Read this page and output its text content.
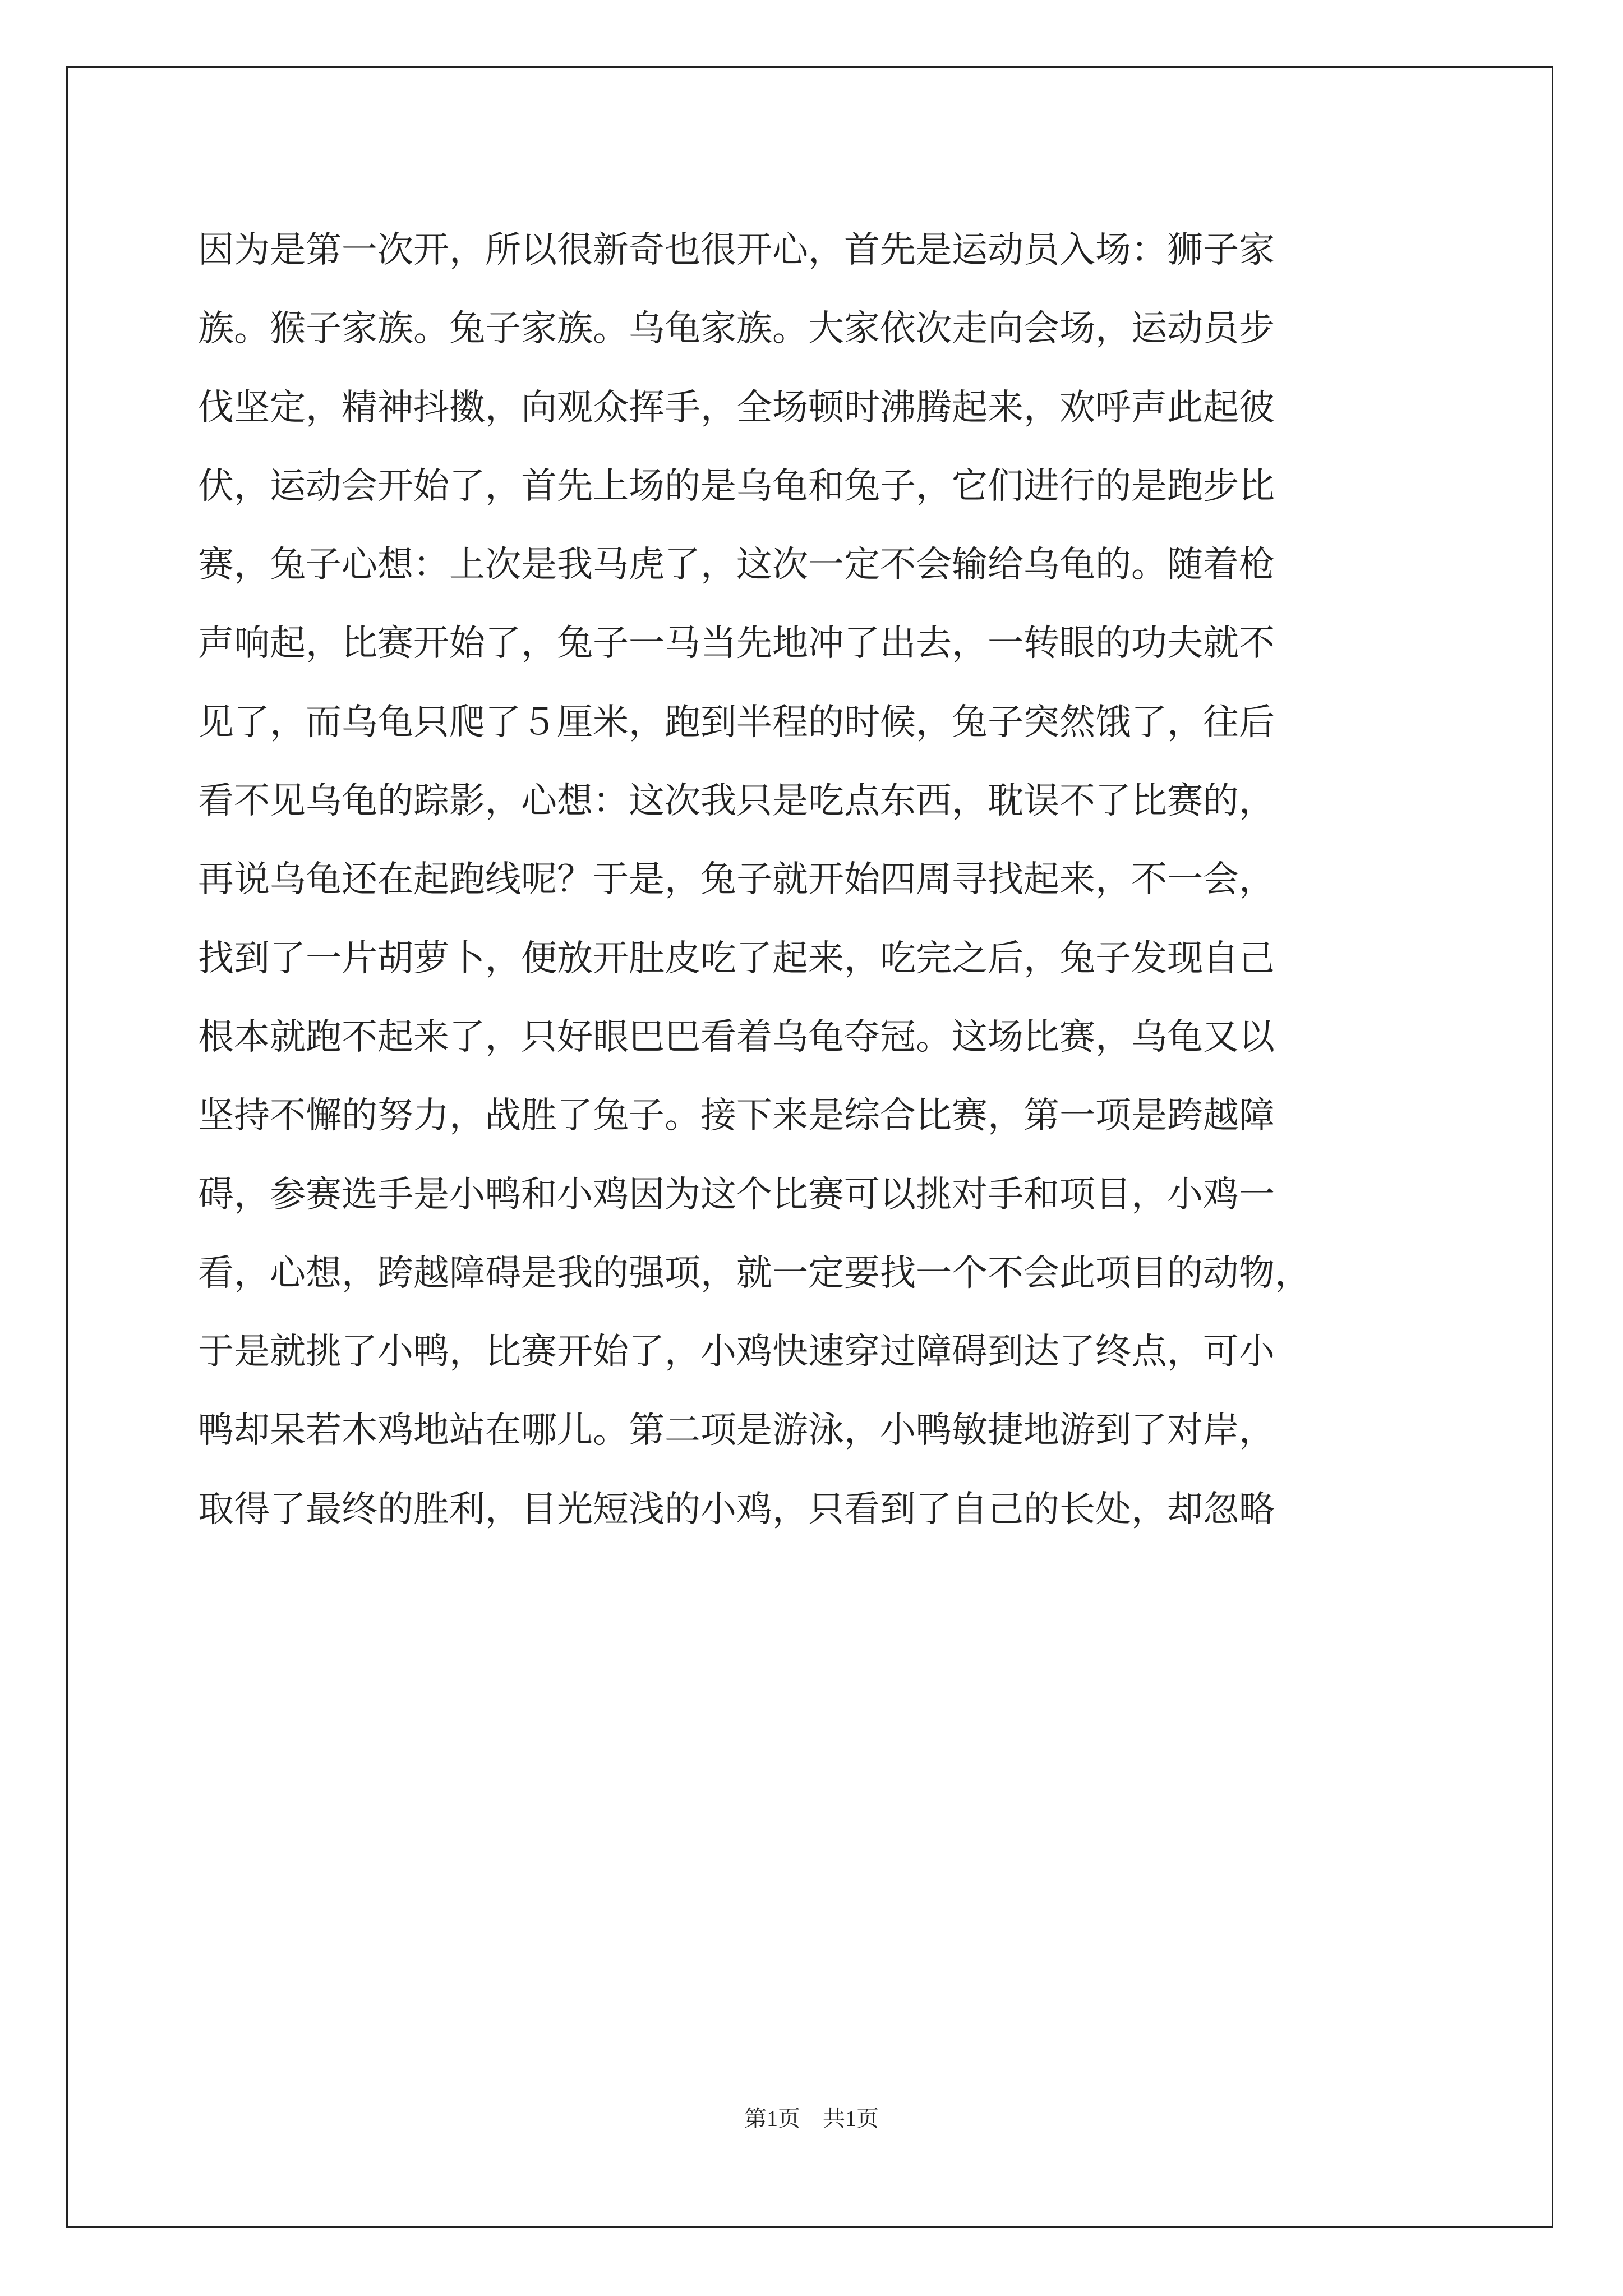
因为是第一次开，所以很新奇也很开心，首先是运动员入场：狮子家
族。猴子家族。兔子家族。乌龟家族。大家依次走向会场，运动员步
伐坚定，精神抖擞，向观众挥手，全场顿时沸腾起来，欢呼声此起彼
伏，运动会开始了，首先上场的是乌龟和兔子，它们进行的是跑步比
赛，兔子心想：上次是我马虎了，这次一定不会输给乌龟的。随着枪
声响起，比赛开始了，兔子一马当先地冲了出去，一转眼的功夫就不
见了，而乌龟只爬了５厘米，跑到半程的时候，兔子突然饿了，往后
看不见乌龟的踪影，心想：这次我只是吃点东西，耽误不了比赛的，
再说乌龟还在起跑线呢？于是，兔子就开始四周寻找起来，不一会，
找到了一片胡萝卜，便放开肚皮吃了起来，吃完之后，兔子发现自己
根本就跑不起来了，只好眼巴巴看着乌龟夺冠。这场比赛，乌龟又以
坚持不懈的努力，战胜了兔子。接下来是综合比赛，第一项是跨越障
碍，参赛选手是小鸭和小鸡因为这个比赛可以挑对手和项目，小鸡一
看，心想，跨越障碍是我的强项，就一定要找一个不会此项目的动物，
于是就挑了小鸭，比赛开始了，小鸡快速穿过障碍到达了终点，可小
鸭却呆若木鸡地站在哪儿。第二项是游泳，小鸭敏捷地游到了对岸，
取得了最终的胜利，目光短浅的小鸡，只看到了自己的长处，却忽略
第1页　共1页
